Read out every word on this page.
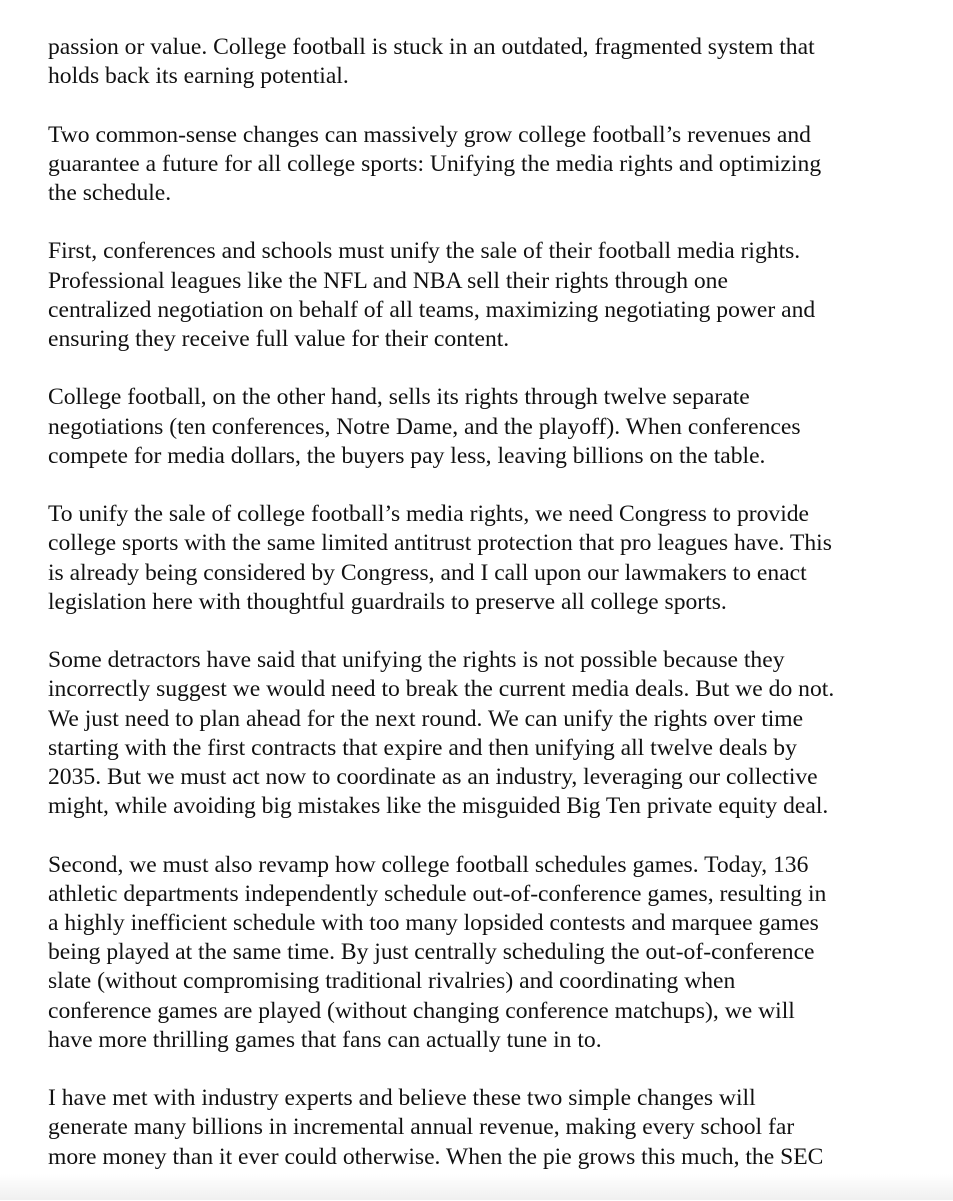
passion or value. College football is stuck in an outdated, fragmented system that
holds back its earning potential.

Two common-sense changes can massively grow college football’s revenues and
guarantee a future for all college sports: Unifying the media rights and optimizing
the schedule.

First, conferences and schools must unify the sale of their football media rights.
Professional leagues like the NFL and NBA sell their rights through one
centralized negotiation on behalf of all teams, maximizing negotiating power and
ensuring they receive full value for their content.

College football, on the other hand, sells its rights through twelve separate
negotiations (ten conferences, Notre Dame, and the playoff). When conferences
compete for media dollars, the buyers pay less, leaving billions on the table.

To unify the sale of college football’s media rights, we need Congress to provide
college sports with the same limited antitrust protection that pro leagues have. This
is already being considered by Congress, and I call upon our lawmakers to enact
legislation here with thoughtful guardrails to preserve all college sports.

Some detractors have said that unifying the rights is not possible because they
incorrectly suggest we would need to break the current media deals. But we do not.
We just need to plan ahead for the next round. We can unify the rights over time
starting with the first contracts that expire and then unifying all twelve deals by
2035. But we must act now to coordinate as an industry, leveraging our collective
might, while avoiding big mistakes like the misguided Big Ten private equity deal.

Second, we must also revamp how college football schedules games. Today, 136
athletic departments independently schedule out-of-conference games, resulting in
a highly inefficient schedule with too many lopsided contests and marquee games
being played at the same time. By just centrally scheduling the out-of-conference
slate (without compromising traditional rivalries) and coordinating when
conference games are played (without changing conference matchups), we will
have more thrilling games that fans can actually tune in to.

I have met with industry experts and believe these two simple changes will
generate many billions in incremental annual revenue, making every school far
more money than it ever could otherwise. When the pie grows this much, the SEC
